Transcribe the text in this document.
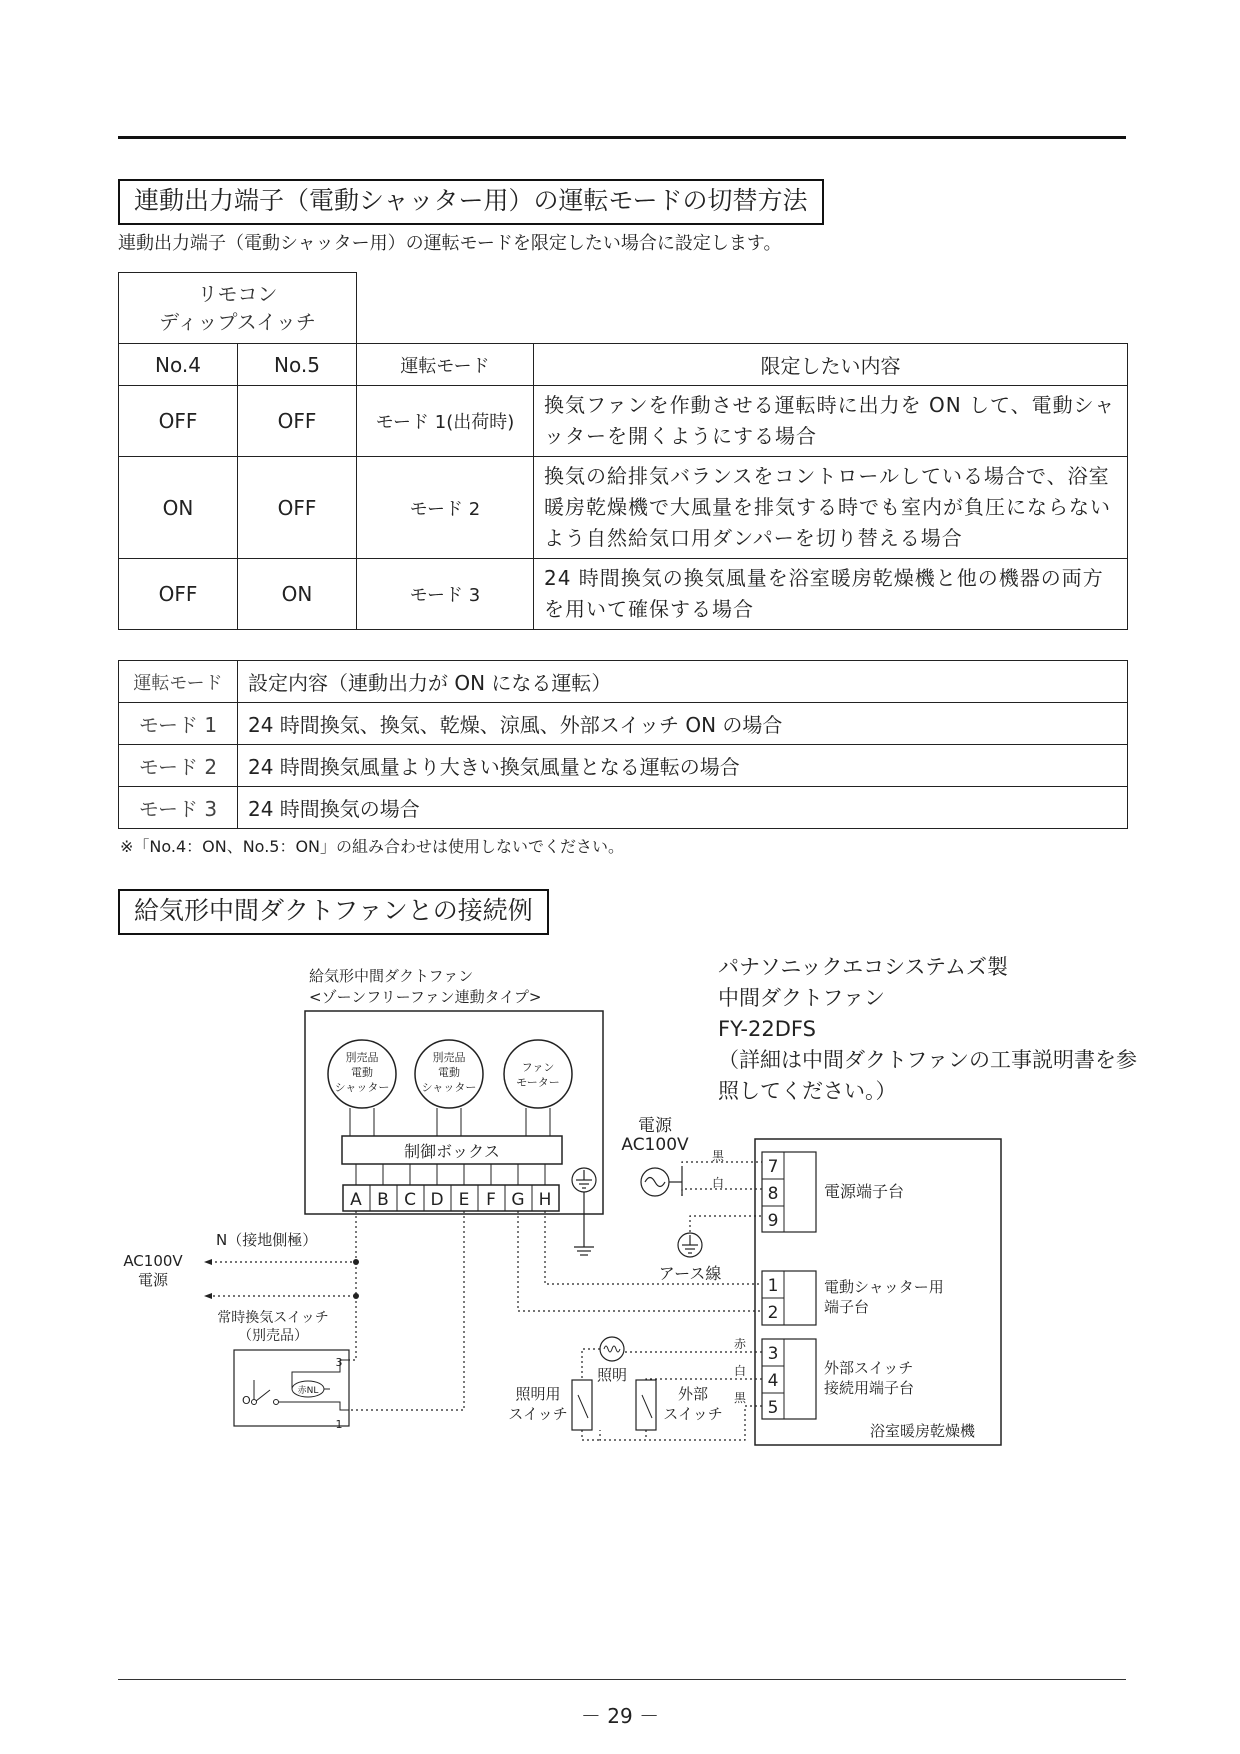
連動出力端子（電動シャッター用）の運転モードの切替方法
連動出力端子（電動シャッター用）の運転モードを限定したい場合に設定します。
リモコン
ディップスイッチ			

No.4	No.5	運転モード	限定したい内容
OFF	OFF	モード 1(出荷時)	換気ファンを作動させる運転時に出力を ON して、電動シャッターを開くようにする場合
ON	OFF	モード 2	換気の給排気バランスをコントロールしている場合で、浴室暖房乾燥機で大風量を排気する時でも室内が負圧にならないよう自然給気口用ダンパーを切り替える場合
OFF	ON	モード 3	24 時間換気の換気風量を浴室暖房乾燥機と他の機器の両方を用いて確保する場合
運転モード	設定内容（連動出力が ON になる運転）
モード 1	24 時間換気、換気、乾燥、涼風、外部スイッチ ON の場合
モード 2	24 時間換気風量より大きい換気風量となる運転の場合
モード 3	24 時間換気の場合
※「No.4：ON、No.5：ON」の組み合わせは使用しないでください。
給気形中間ダクトファンとの接続例
給気形中間ダクトファン
<ゾーンフリーファン連動タイプ>
パナソニックエコシステムズ製
中間ダクトファン
FY-22DFS
（詳細は中間ダクトファンの工事説明書を参
照してください。）
別売品
電動
シャッター
別売品
電動
シャッター
ファン
モーター
制御ボックス
A B C D E F G H
電源
AC100V
黒
白
アース線
7
8
9
電源端子台
1
2
電動シャッター用
端子台
3
4
5
外部スイッチ
接続用端子台
浴室暖房乾燥機
N（接地側極）
AC100V
電源
常時換気スイッチ
（別売品）
3
1
O
赤NL
照明
赤
白
黒
照明用
スイッチ
外部
スイッチ
－ 29 －
